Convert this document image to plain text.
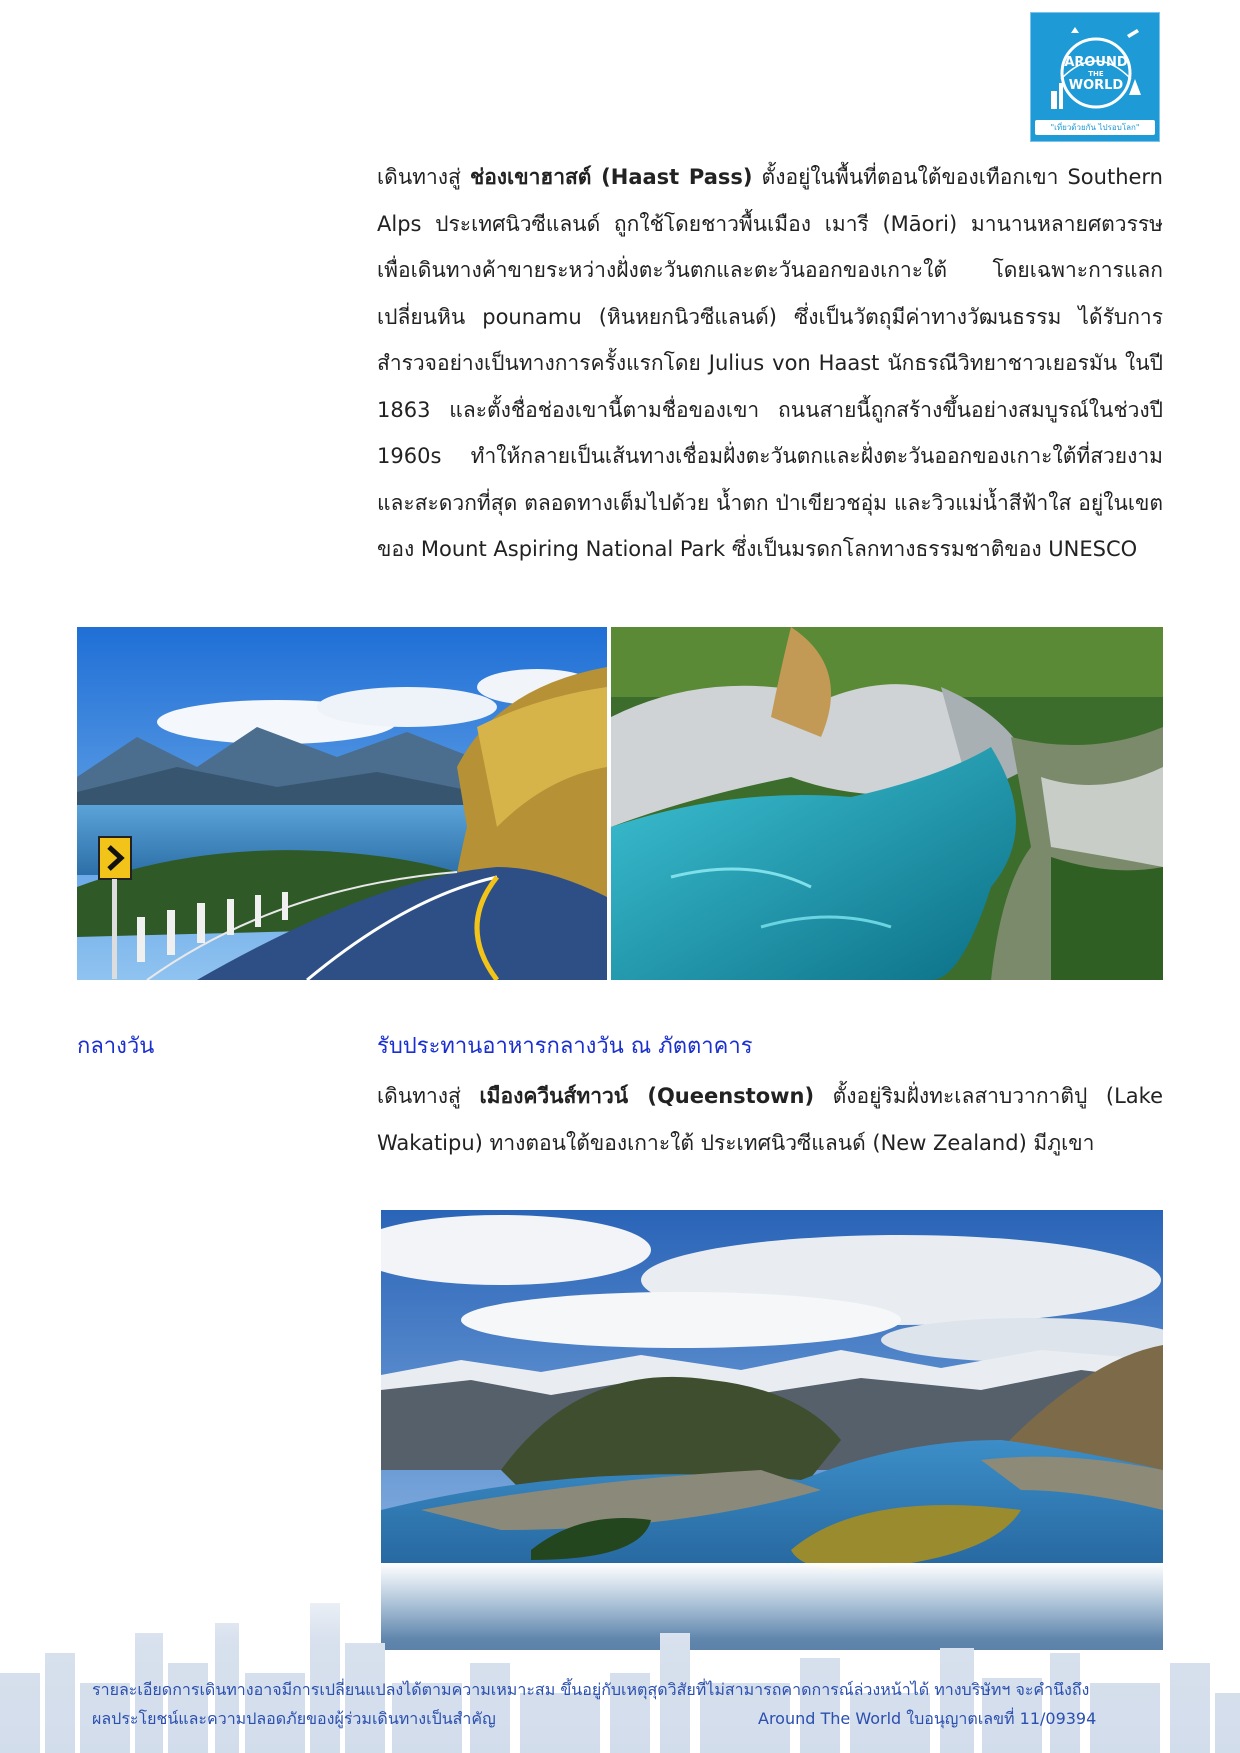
AROUND
THE
WORLD
"เที่ยวด้วยกัน ไปรอบโลก"

เดินทางสู่ ช่องเขาฮาสต์ (Haast Pass) ตั้งอยู่ในพื้นที่ตอนใต้ของเทือกเขา Southern Alps ประเทศนิวซีแลนด์ ถูกใช้โดยชาวพื้นเมือง เมารี (Māori) มานานหลายศตวรรษ เพื่อเดินทางค้าขายระหว่างฝั่งตะวันตกและตะวันออกของเกาะใต้ โดยเฉพาะการแลกเปลี่ยนหิน pounamu (หินหยกนิวซีแลนด์) ซึ่งเป็นวัตถุมีค่าทางวัฒนธรรม ได้รับการสำรวจอย่างเป็นทางการครั้งแรกโดย Julius von Haast นักธรณีวิทยาชาวเยอรมัน ในปี 1863 และตั้งชื่อช่องเขานี้ตามชื่อของเขา ถนนสายนี้ถูกสร้างขึ้นอย่างสมบูรณ์ในช่วงปี 1960s ทำให้กลายเป็นเส้นทางเชื่อมฝั่งตะวันตกและฝั่งตะวันออกของเกาะใต้ที่สวยงามและสะดวกที่สุด ตลอดทางเต็มไปด้วย น้ำตก ป่าเขียวชอุ่ม และวิวแม่น้ำสีฟ้าใส อยู่ในเขตของ Mount Aspiring National Park ซึ่งเป็นมรดกโลกทางธรรมชาติของ UNESCO

กลางวัน	รับประทานอาหารกลางวัน ณ ภัตตาคาร

เดินทางสู่ เมืองควีนส์ทาวน์ (Queenstown) ตั้งอยู่ริมฝั่งทะเลสาบวากาติปู (Lake Wakatipu) ทางตอนใต้ของเกาะใต้ ประเทศนิวซีแลนด์ (New Zealand) มีภูเขา

รายละเอียดการเดินทางอาจมีการเปลี่ยนแปลงได้ตามความเหมาะสม ขึ้นอยู่กับเหตุสุดวิสัยที่ไม่สามารถคาดการณ์ล่วงหน้าได้ ทางบริษัทฯ จะคำนึงถึง
ผลประโยชน์และความปลอดภัยของผู้ร่วมเดินทางเป็นสำคัญ	Around The World ใบอนุญาตเลขที่ 11/09394
